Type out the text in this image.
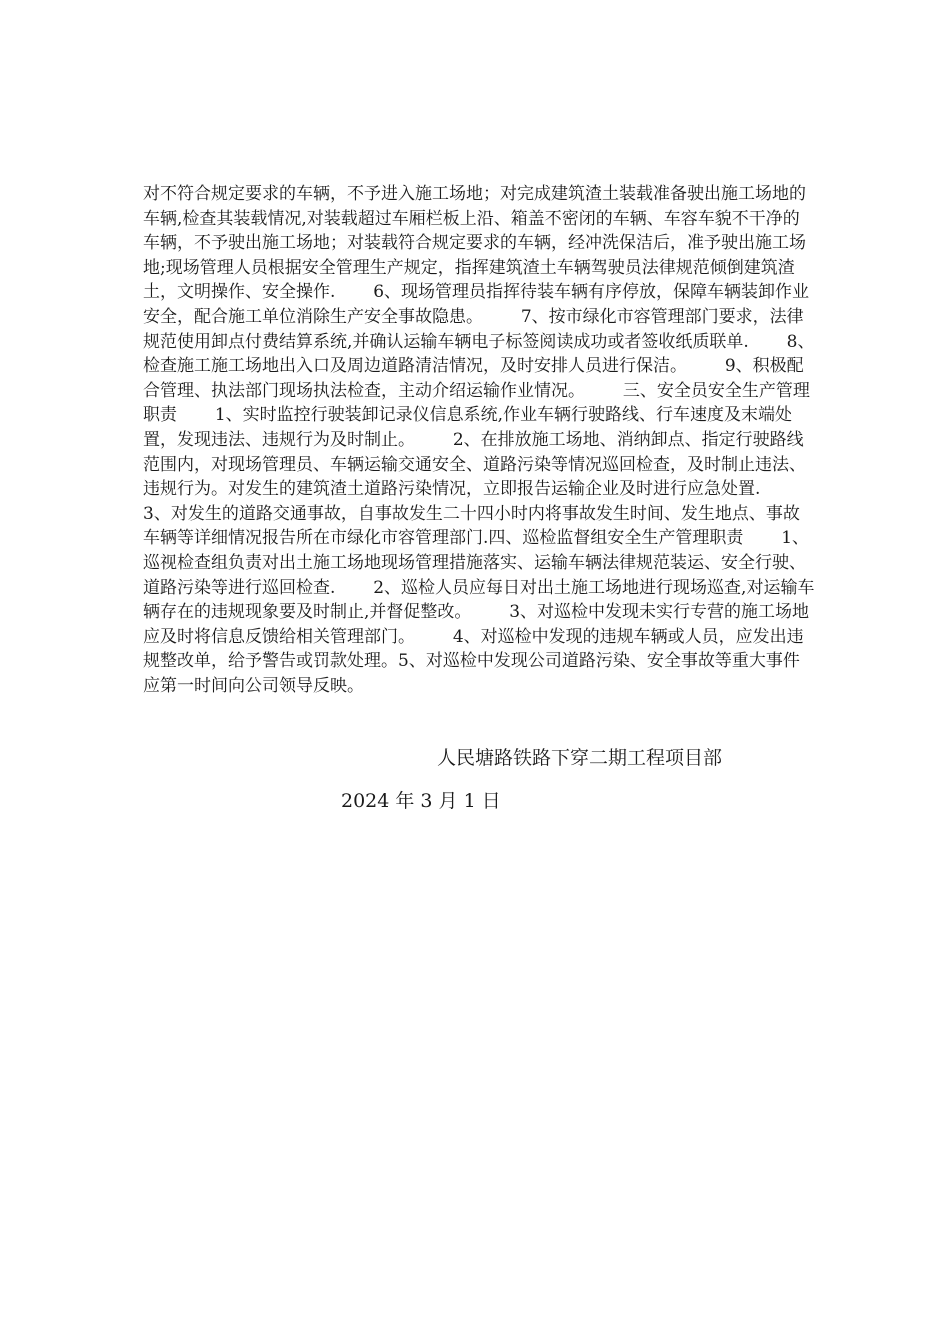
对不符合规定要求的车辆，不予进入施工场地；对完成建筑渣土装载准备驶出施工场地的车辆,检查其装载情况,对装载超过车厢栏板上沿、箱盖不密闭的车辆、车容车貌不干净的车辆，不予驶出施工场地；对装载符合规定要求的车辆，经冲洗保洁后，准予驶出施工场地;现场管理人员根据安全管理生产规定，指挥建筑渣土车辆驾驶员法律规范倾倒建筑渣土，文明操作、安全操作.       6、现场管理员指挥待装车辆有序停放，保障车辆装卸作业安全，配合施工单位消除生产安全事故隐患。       7、按市绿化市容管理部门要求，法律规范使用卸点付费结算系统,并确认运输车辆电子标签阅读成功或者签收纸质联单.       8、检查施工施工场地出入口及周边道路清洁情况，及时安排人员进行保洁。       9、积极配合管理、执法部门现场执法检查，主动介绍运输作业情况。       三、安全员安全生产管理职责       1、实时监控行驶装卸记录仪信息系统,作业车辆行驶路线、行车速度及末端处置，发现违法、违规行为及时制止。       2、在排放施工场地、消纳卸点、指定行驶路线范围内，对现场管理员、车辆运输交通安全、道路污染等情况巡回检查，及时制止违法、违规行为。对发生的建筑渣土道路污染情况，立即报告运输企业及时进行应急处置.       3、对发生的道路交通事故，自事故发生二十四小时内将事故发生时间、发生地点、事故车辆等详细情况报告所在市绿化市容管理部门.四、巡检监督组安全生产管理职责       1、巡视检查组负责对出土施工场地现场管理措施落实、运输车辆法律规范装运、安全行驶、道路污染等进行巡回检查.       2、巡检人员应每日对出土施工场地进行现场巡查,对运输车辆存在的违规现象要及时制止,并督促整改。       3、对巡检中发现未实行专营的施工场地应及时将信息反馈给相关管理部门。       4、对巡检中发现的违规车辆或人员，应发出违规整改单，给予警告或罚款处理。5、对巡检中发现公司道路污染、安全事故等重大事件应第一时间向公司领导反映。

人民塘路铁路下穿二期工程项目部

2024 年 3 月 1 日
